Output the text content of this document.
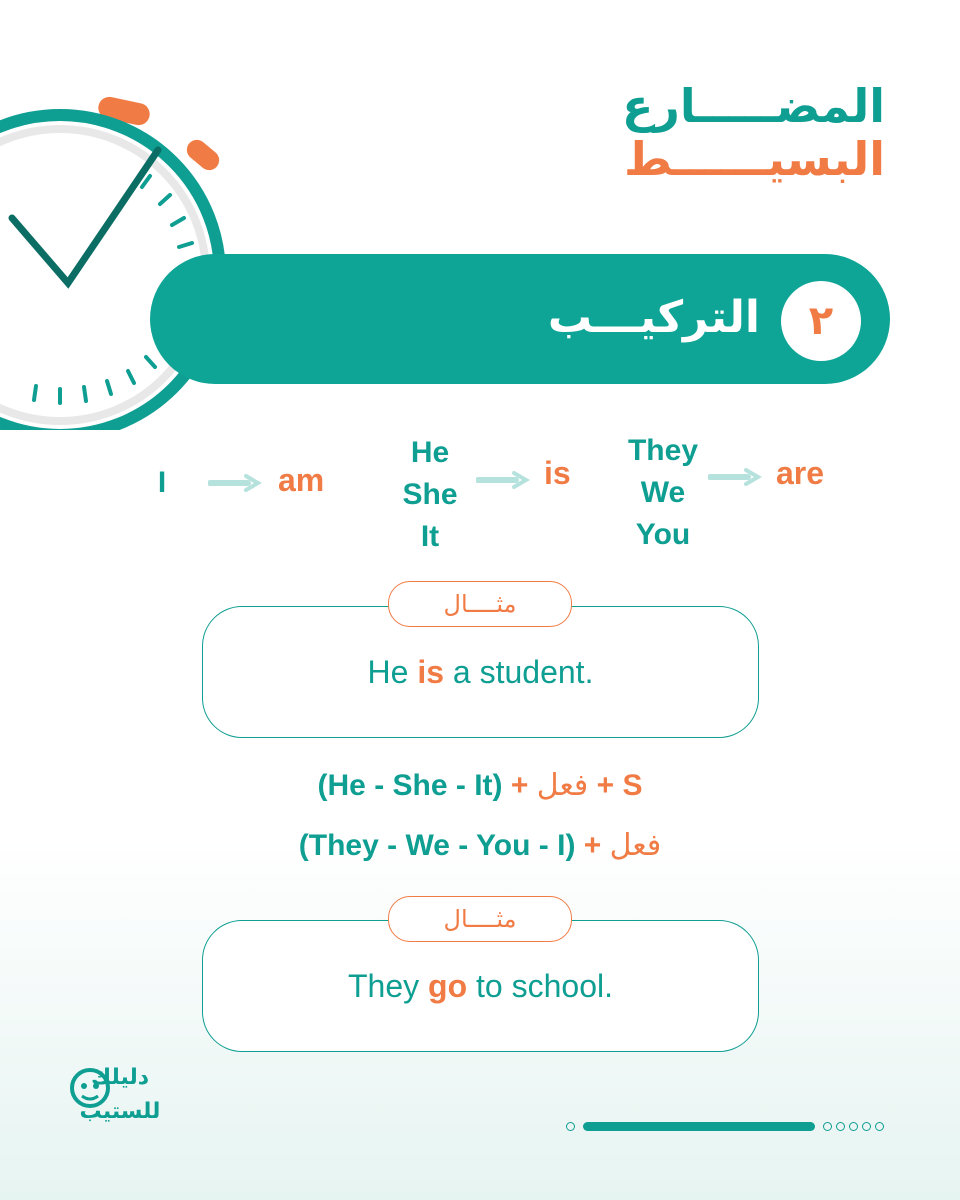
المضـــــارع
البسيــــــط
التركيـــب	٢
I	am
He
She
It
is
They
We
You
are
He is a student.
مثــــال
(He - She - It) + فعل + S
(They - We - You - I) + فعل
They go to school.
مثــــال
دليلك
للستيب
